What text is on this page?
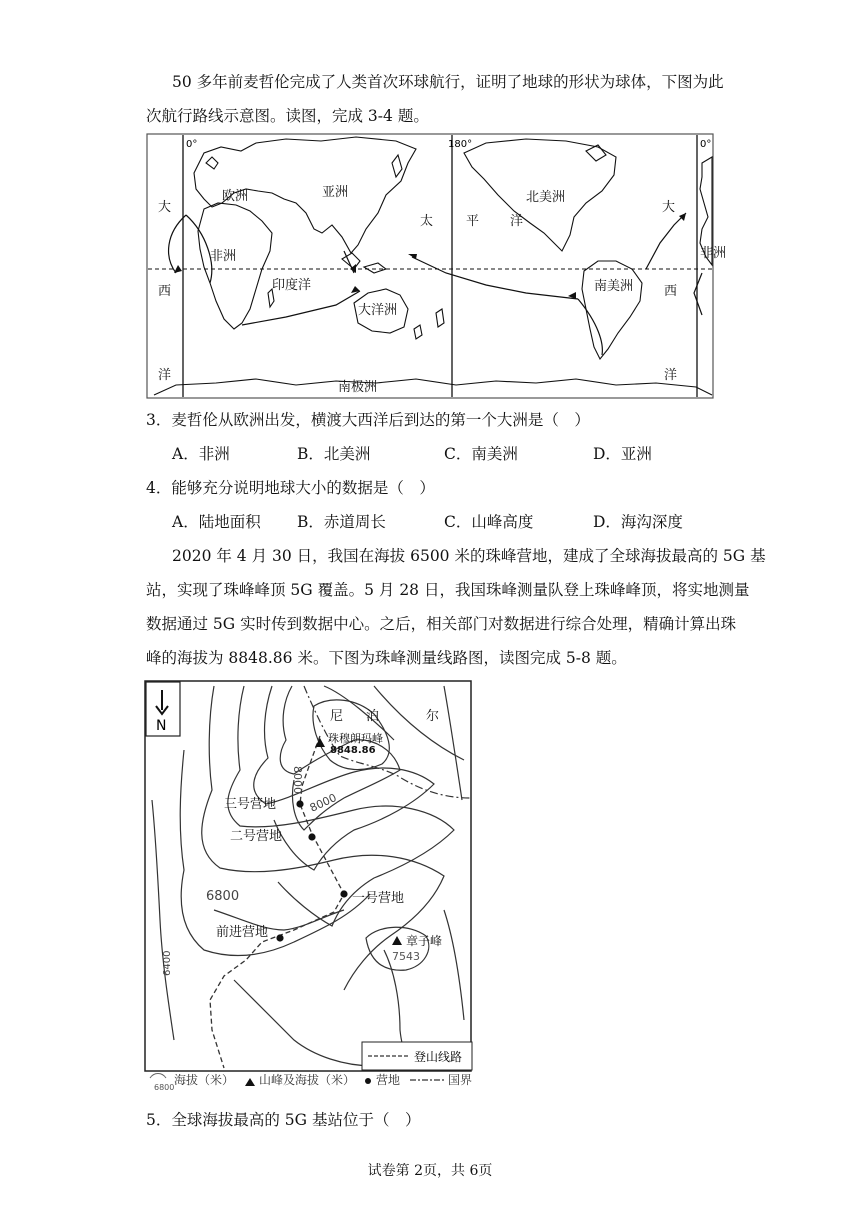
50 多年前麦哲伦完成了人类首次环球航行，证明了地球的形状为球体，下图为此
次航行路线示意图。读图，完成 3-4 题。
0°	180°	0°
欧洲	亚洲
非洲
印度洋
大洋洲
南极洲
太	平 洋
北美洲
南美洲
非洲
大
西
洋
大
西
洋
3．麦哲伦从欧洲出发，横渡大西洋后到达的第一个大洲是（　）
A．非洲	B．北美洲	C．南美洲	D．亚洲
4．能够充分说明地球大小的数据是（　）
A．陆地面积 B．赤道周长	C．山峰高度	D．海沟深度
2020 年 4 月 30 日，我国在海拔 6500 米的珠峰营地，建成了全球海拔最高的 5G 基
站，实现了珠峰峰顶 5G 覆盖。5 月 28 日，我国珠峰测量队登上珠峰峰顶，将实地测量
数据通过 5G 实时传到数据中心。之后，相关部门对数据进行综合处理，精确计算出珠
峰的海拔为 8848.86 米。下图为珠峰测量线路图，读图完成 5-8 题。
N
尼 泊	尔
珠穆朗玛峰
8848.86
三号营地
二号营地
一号营地
前进营地
章子峰
7543
6800
8000
8000
6400
登山线路
6800
海拔（米） 山峰及海拔（米） 营地	国界
5．全球海拔最高的 5G 基站位于（　）
试卷第 2页，共 6页
